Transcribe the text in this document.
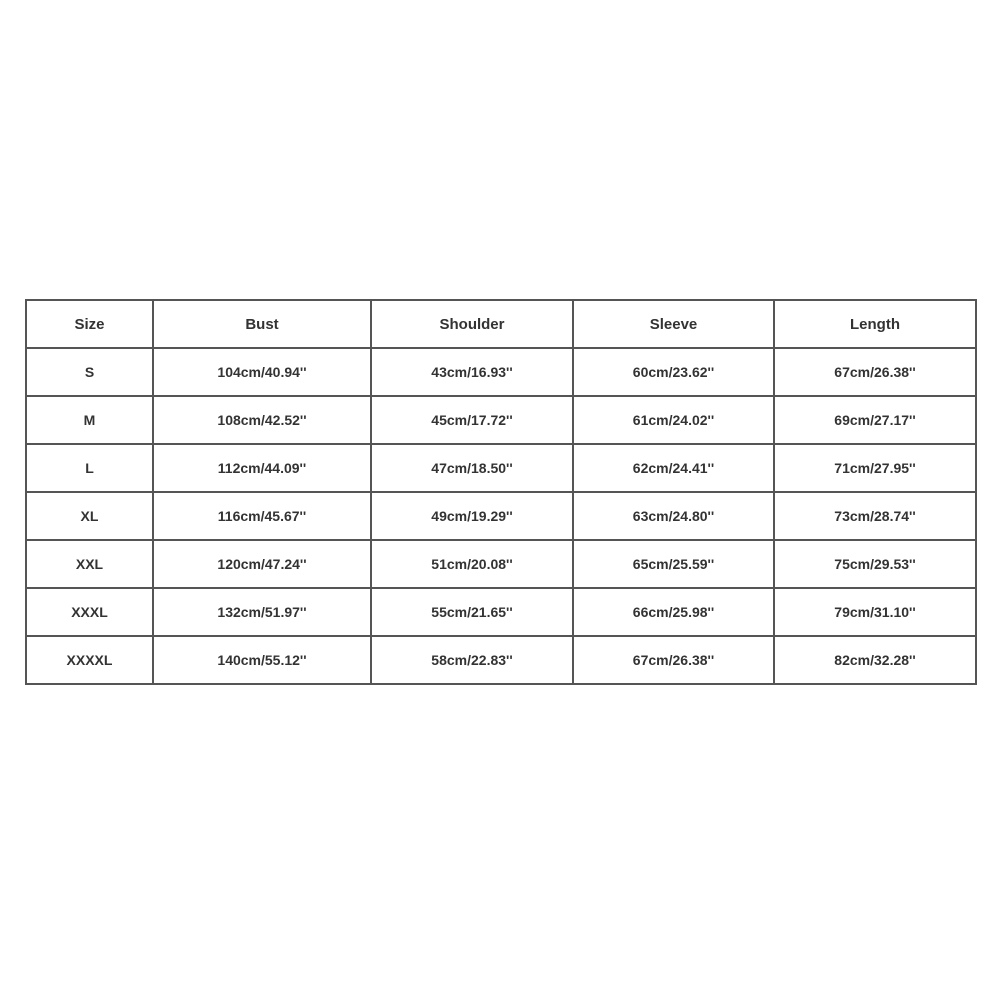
Size	Bust	Shoulder	Sleeve	Length
S	104cm/40.94''	43cm/16.93''	60cm/23.62''	67cm/26.38''
M	108cm/42.52''	45cm/17.72''	61cm/24.02''	69cm/27.17''
L	112cm/44.09''	47cm/18.50''	62cm/24.41''	71cm/27.95''
XL	116cm/45.67''	49cm/19.29''	63cm/24.80''	73cm/28.74''
XXL	120cm/47.24''	51cm/20.08''	65cm/25.59''	75cm/29.53''
XXXL	132cm/51.97''	55cm/21.65''	66cm/25.98''	79cm/31.10''
XXXXL	140cm/55.12''	58cm/22.83''	67cm/26.38''	82cm/32.28''
